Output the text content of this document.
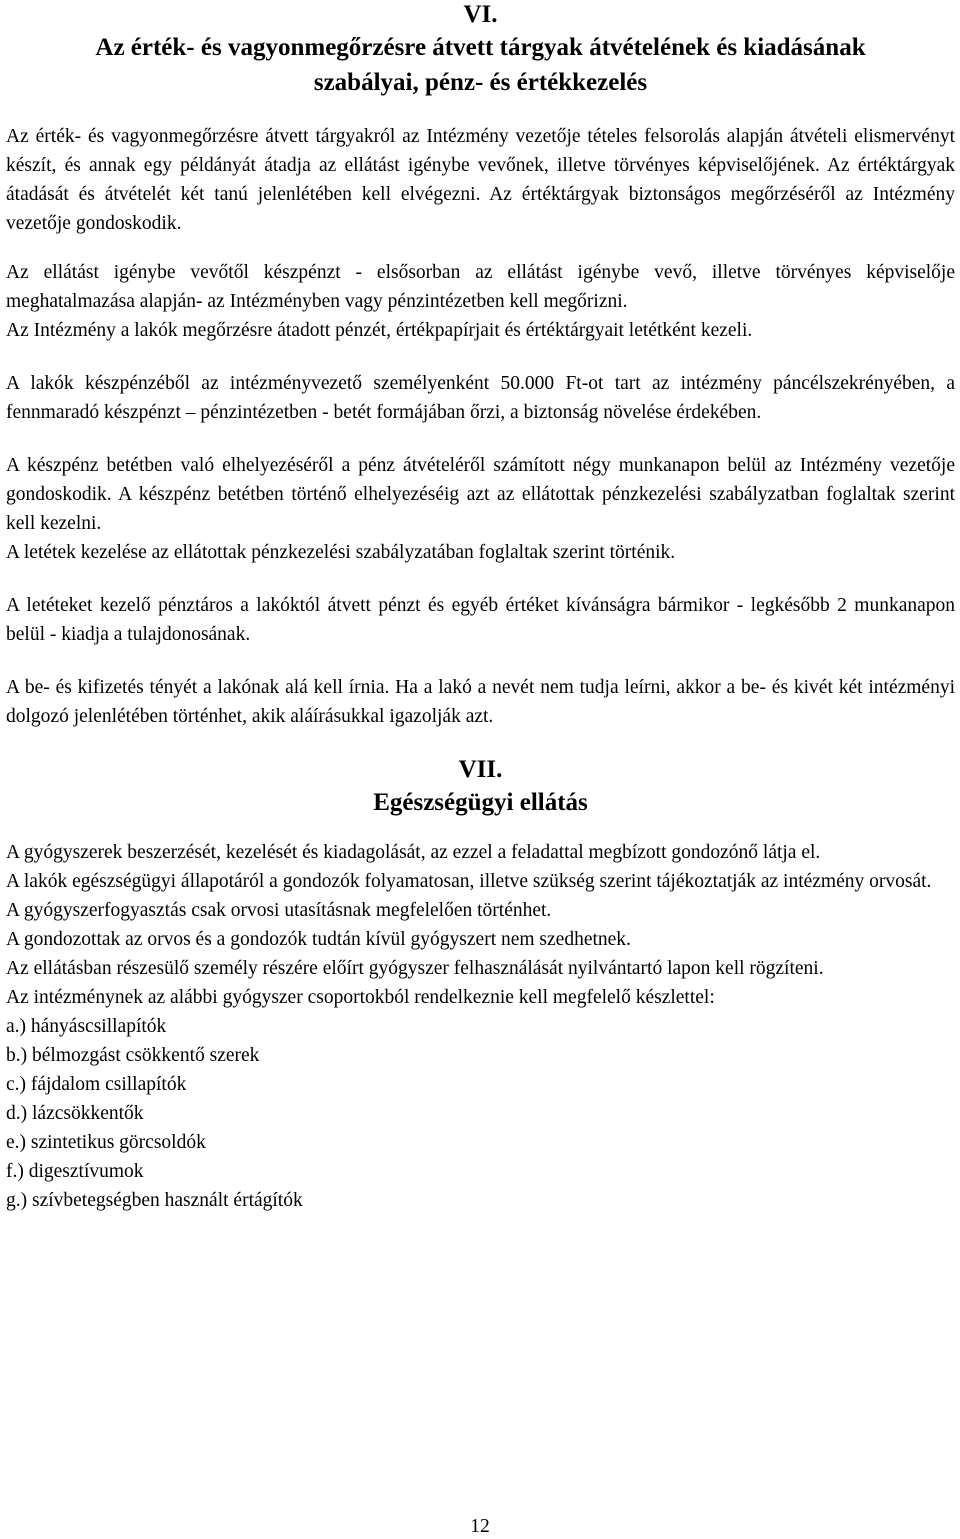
VI.

Az érték- és vagyonmegőrzésre átvett tárgyak átvételének és kiadásának

szabályai, pénz- és értékkezelés

Az érték- és vagyonmegőrzésre átvett tárgyakról az Intézmény vezetője tételes felsorolás alapján átvételi elismervényt készít, és annak egy példányát átadja az ellátást igénybe vevőnek, illetve törvényes képviselőjének. Az értéktárgyak átadását és átvételét két tanú jelenlétében kell elvégezni. Az értéktárgyak biztonságos megőrzéséről az Intézmény vezetője gondoskodik.

Az ellátást igénybe vevőtől készpénzt - elsősorban az ellátást igénybe vevő, illetve törvényes képviselője meghatalmazása alapján- az Intézményben vagy pénzintézetben kell megőrizni.

Az Intézmény a lakók megőrzésre átadott pénzét, értékpapírjait és értéktárgyait letétként kezeli.

A lakók készpénzéből az intézményvezető személyenként 50.000 Ft-ot tart az intézmény páncélszekrényében, a fennmaradó készpénzt – pénzintézetben - betét formájában őrzi, a biztonság növelése érdekében.

A készpénz betétben való elhelyezéséről a pénz átvételéről számított négy munkanapon belül az Intézmény vezetője gondoskodik. A készpénz betétben történő elhelyezéséig azt az ellátottak pénzkezelési szabályzatban foglaltak szerint kell kezelni.

A letétek kezelése az ellátottak pénzkezelési szabályzatában foglaltak szerint történik.

A letéteket kezelő pénztáros a lakóktól átvett pénzt és egyéb értéket kívánságra bármikor - legkésőbb 2 munkanapon belül - kiadja a tulajdonosának.

A be- és kifizetés tényét a lakónak alá kell írnia. Ha a lakó a nevét nem tudja leírni, akkor a be- és kivét két intézményi dolgozó jelenlétében történhet, akik aláírásukkal igazolják azt.

VII.

Egészségügyi ellátás

A gyógyszerek beszerzését, kezelését és kiadagolását, az ezzel a feladattal megbízott gondozónő látja el.

A lakók egészségügyi állapotáról a gondozók folyamatosan, illetve szükség szerint tájékoztatják az intézmény orvosát.

A gyógyszerfogyasztás csak orvosi utasításnak megfelelően történhet.

A gondozottak az orvos és a gondozók tudtán kívül gyógyszert nem szedhetnek.

Az ellátásban részesülő személy részére előírt gyógyszer felhasználását nyilvántartó lapon kell rögzíteni.

Az intézménynek az alábbi gyógyszer csoportokból rendelkeznie kell megfelelő készlettel:

a.) hányáscsillapítók

b.) bélmozgást csökkentő szerek

c.) fájdalom csillapítók

d.) lázcsökkentők

e.) szintetikus görcsoldók

f.) digesztívumok

g.) szívbetegségben használt értágítók

12
